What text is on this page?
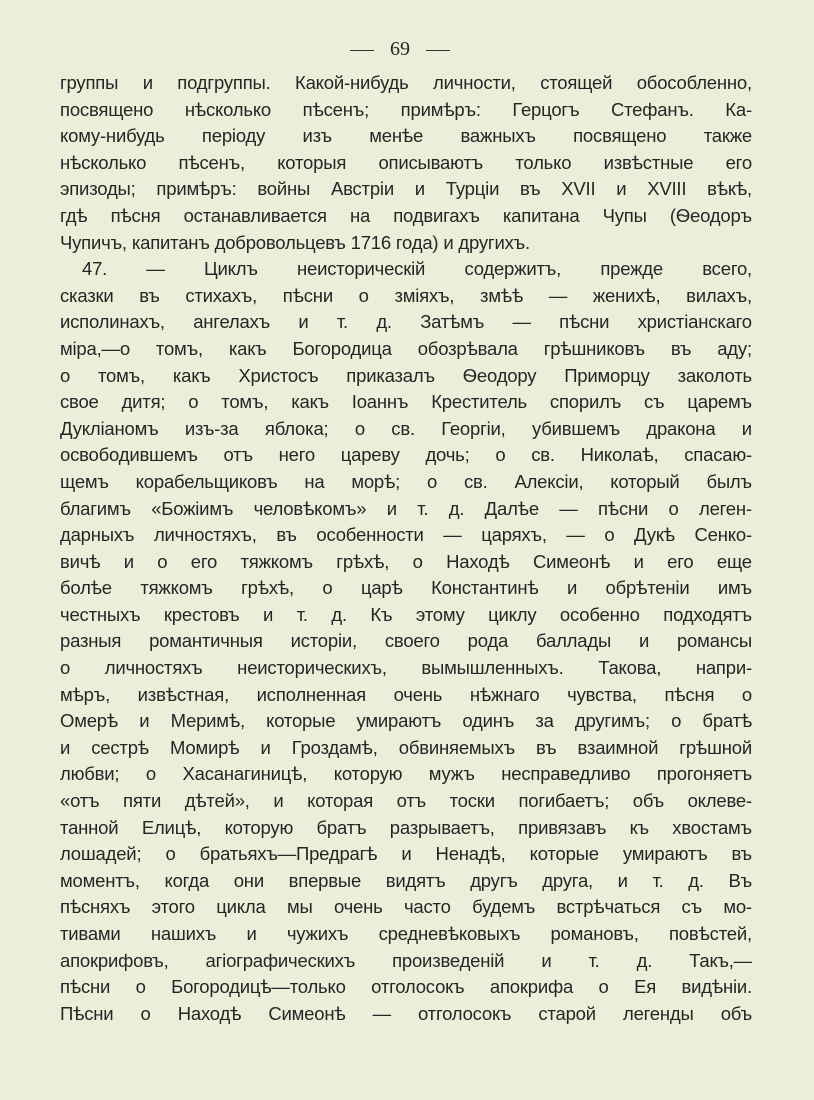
69
группы и подгруппы. Какой-нибудь личности, стоящей обособленно,
посвящено нѣсколько пѣсенъ; примѣръ: Герцогъ Стефанъ. Ка-
кому-нибудь періоду изъ менѣе важныхъ посвящено также
нѣсколько пѣсенъ, которыя описываютъ только извѣстные его
эпизоды; примѣръ: войны Австріи и Турціи въ XVII и XVIII вѣкѣ,
гдѣ пѣсня останавливается на подвигахъ капитана Чупы (Ѳеодоръ
Чупичъ, капитанъ добровольцевъ 1716 года) и другихъ.
47. — Циклъ неисторическій содержитъ, прежде всего,
сказки въ стихахъ, пѣсни о зміяхъ, змѣѣ — женихѣ, вилахъ,
исполинахъ, ангелахъ и т. д. Затѣмъ — пѣсни христіанскаго
міра,—о томъ, какъ Богородица обозрѣвала грѣшниковъ въ аду;
о томъ, какъ Христосъ приказалъ Ѳеодору Приморцу заколоть
свое дитя; о томъ, какъ Іоаннъ Креститель спорилъ съ царемъ
Дукліаномъ изъ-за яблока; о св. Георгіи, убившемъ дракона и
освободившемъ отъ него цареву дочь; о св. Николаѣ, спасаю-
щемъ корабельщиковъ на морѣ; о св. Алексіи, который былъ
благимъ «Божіимъ человѣкомъ» и т. д. Далѣе — пѣсни о леген-
дарныхъ личностяхъ, въ особенности — царяхъ, — о Дукѣ Сенко-
вичѣ и о его тяжкомъ грѣхѣ, о Находѣ Симеонѣ и его еще
болѣе тяжкомъ грѣхѣ, о царѣ Константинѣ и обрѣтеніи имъ
честныхъ крестовъ и т. д. Къ этому циклу особенно подходятъ
разныя романтичныя исторіи, своего рода баллады и романсы
о личностяхъ неисторическихъ, вымышленныхъ. Такова, напри-
мѣръ, извѣстная, исполненная очень нѣжнаго чувства, пѣсня о
Омерѣ и Меримѣ, которые умираютъ одинъ за другимъ; о братѣ
и сестрѣ Момирѣ и Гроздамѣ, обвиняемыхъ въ взаимной грѣшной
любви; о Хасанагиницѣ, которую мужъ несправедливо прогоняетъ
«отъ пяти дѣтей», и которая отъ тоски погибаетъ; объ оклеве-
танной Елицѣ, которую братъ разрываетъ, привязавъ къ хвостамъ
лошадей; о братьяхъ—Предрагѣ и Ненадѣ, которые умираютъ въ
моментъ, когда они впервые видятъ другъ друга, и т. д. Въ
пѣсняхъ этого цикла мы очень часто будемъ встрѣчаться съ мо-
тивами нашихъ и чужихъ средневѣковыхъ романовъ, повѣстей,
апокрифовъ, агіографическихъ произведеній и т. д. Такъ,—
пѣсни о Богородицѣ—только отголосокъ апокрифа о Ея видѣніи.
Пѣсни о Находѣ Симеонѣ — отголосокъ старой легенды объ
